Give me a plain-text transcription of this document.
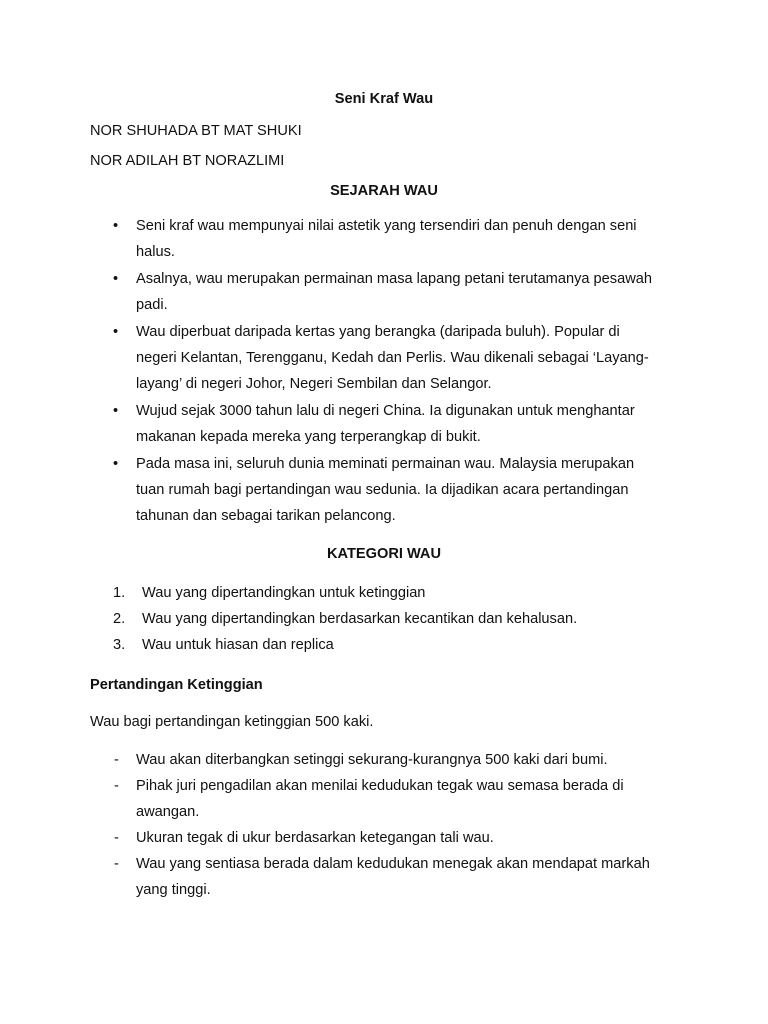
Seni Kraf Wau
NOR SHUHADA BT MAT SHUKI
NOR ADILAH BT NORAZLIMI
SEJARAH WAU
• Seni kraf wau mempunyai nilai astetik yang tersendiri dan penuh dengan seni halus.
• Asalnya, wau merupakan permainan masa lapang petani terutamanya pesawah padi.
• Wau diperbuat daripada kertas yang berangka (daripada buluh). Popular di negeri Kelantan, Terengganu, Kedah dan Perlis. Wau dikenali sebagai ‘Layang-layang’ di negeri Johor, Negeri Sembilan dan Selangor.
• Wujud sejak 3000 tahun lalu di negeri China. Ia digunakan untuk menghantar makanan kepada mereka yang terperangkap di bukit.
• Pada masa ini, seluruh dunia meminati permainan wau. Malaysia merupakan tuan rumah bagi pertandingan wau sedunia. Ia dijadikan acara pertandingan tahunan dan sebagai tarikan pelancong.
KATEGORI WAU
1. Wau yang dipertandingkan untuk ketinggian
2. Wau yang dipertandingkan berdasarkan kecantikan dan kehalusan.
3. Wau untuk hiasan dan replica
Pertandingan Ketinggian
Wau bagi pertandingan ketinggian 500 kaki.
- Wau akan diterbangkan setinggi sekurang-kurangnya 500 kaki dari bumi.
- Pihak juri pengadilan akan menilai kedudukan tegak wau semasa berada di awangan.
- Ukuran tegak di ukur berdasarkan ketegangan tali wau.
- Wau yang sentiasa berada dalam kedudukan menegak akan mendapat markah yang tinggi.
